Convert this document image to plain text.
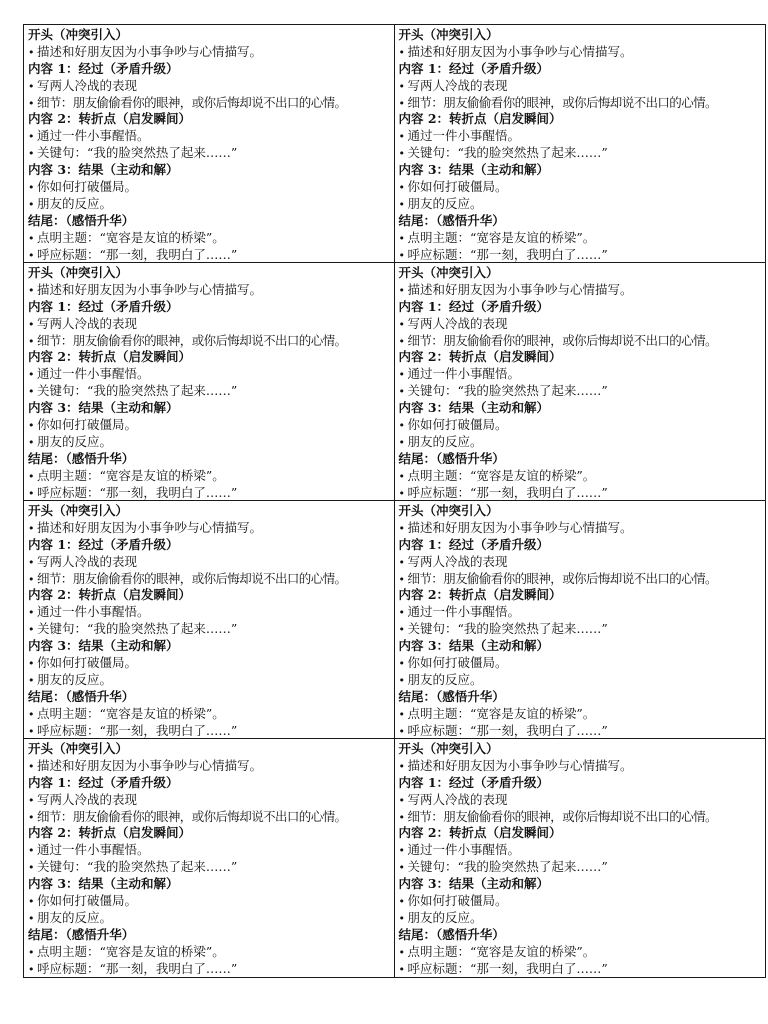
开头（冲突引入）
• 描述和好朋友因为小事争吵与心情描写。
内容 1：经过（矛盾升级）
• 写两人冷战的表现
• 细节：朋友偷偷看你的眼神，或你后悔却说不出口的心情。
内容 2：转折点（启发瞬间）
• 通过一件小事醒悟。
• 关键句：“我的脸突然热了起来……”
内容 3：结果（主动和解）
• 你如何打破僵局。
• 朋友的反应。
结尾：（感悟升华）
• 点明主题：“宽容是友谊的桥梁”。
• 呼应标题：“那一刻，我明白了……”
开头（冲突引入）
• 描述和好朋友因为小事争吵与心情描写。
内容 1：经过（矛盾升级）
• 写两人冷战的表现
• 细节：朋友偷偷看你的眼神，或你后悔却说不出口的心情。
内容 2：转折点（启发瞬间）
• 通过一件小事醒悟。
• 关键句：“我的脸突然热了起来……”
内容 3：结果（主动和解）
• 你如何打破僵局。
• 朋友的反应。
结尾：（感悟升华）
• 点明主题：“宽容是友谊的桥梁”。
• 呼应标题：“那一刻，我明白了……”
开头（冲突引入）
• 描述和好朋友因为小事争吵与心情描写。
内容 1：经过（矛盾升级）
• 写两人冷战的表现
• 细节：朋友偷偷看你的眼神，或你后悔却说不出口的心情。
内容 2：转折点（启发瞬间）
• 通过一件小事醒悟。
• 关键句：“我的脸突然热了起来……”
内容 3：结果（主动和解）
• 你如何打破僵局。
• 朋友的反应。
结尾：（感悟升华）
• 点明主题：“宽容是友谊的桥梁”。
• 呼应标题：“那一刻，我明白了……”
开头（冲突引入）
• 描述和好朋友因为小事争吵与心情描写。
内容 1：经过（矛盾升级）
• 写两人冷战的表现
• 细节：朋友偷偷看你的眼神，或你后悔却说不出口的心情。
内容 2：转折点（启发瞬间）
• 通过一件小事醒悟。
• 关键句：“我的脸突然热了起来……”
内容 3：结果（主动和解）
• 你如何打破僵局。
• 朋友的反应。
结尾：（感悟升华）
• 点明主题：“宽容是友谊的桥梁”。
• 呼应标题：“那一刻，我明白了……”
开头（冲突引入）
• 描述和好朋友因为小事争吵与心情描写。
内容 1：经过（矛盾升级）
• 写两人冷战的表现
• 细节：朋友偷偷看你的眼神，或你后悔却说不出口的心情。
内容 2：转折点（启发瞬间）
• 通过一件小事醒悟。
• 关键句：“我的脸突然热了起来……”
内容 3：结果（主动和解）
• 你如何打破僵局。
• 朋友的反应。
结尾：（感悟升华）
• 点明主题：“宽容是友谊的桥梁”。
• 呼应标题：“那一刻，我明白了……”
开头（冲突引入）
• 描述和好朋友因为小事争吵与心情描写。
内容 1：经过（矛盾升级）
• 写两人冷战的表现
• 细节：朋友偷偷看你的眼神，或你后悔却说不出口的心情。
内容 2：转折点（启发瞬间）
• 通过一件小事醒悟。
• 关键句：“我的脸突然热了起来……”
内容 3：结果（主动和解）
• 你如何打破僵局。
• 朋友的反应。
结尾：（感悟升华）
• 点明主题：“宽容是友谊的桥梁”。
• 呼应标题：“那一刻，我明白了……”
开头（冲突引入）
• 描述和好朋友因为小事争吵与心情描写。
内容 1：经过（矛盾升级）
• 写两人冷战的表现
• 细节：朋友偷偷看你的眼神，或你后悔却说不出口的心情。
内容 2：转折点（启发瞬间）
• 通过一件小事醒悟。
• 关键句：“我的脸突然热了起来……”
内容 3：结果（主动和解）
• 你如何打破僵局。
• 朋友的反应。
结尾：（感悟升华）
• 点明主题：“宽容是友谊的桥梁”。
• 呼应标题：“那一刻，我明白了……”
开头（冲突引入）
• 描述和好朋友因为小事争吵与心情描写。
内容 1：经过（矛盾升级）
• 写两人冷战的表现
• 细节：朋友偷偷看你的眼神，或你后悔却说不出口的心情。
内容 2：转折点（启发瞬间）
• 通过一件小事醒悟。
• 关键句：“我的脸突然热了起来……”
内容 3：结果（主动和解）
• 你如何打破僵局。
• 朋友的反应。
结尾：（感悟升华）
• 点明主题：“宽容是友谊的桥梁”。
• 呼应标题：“那一刻，我明白了……”
